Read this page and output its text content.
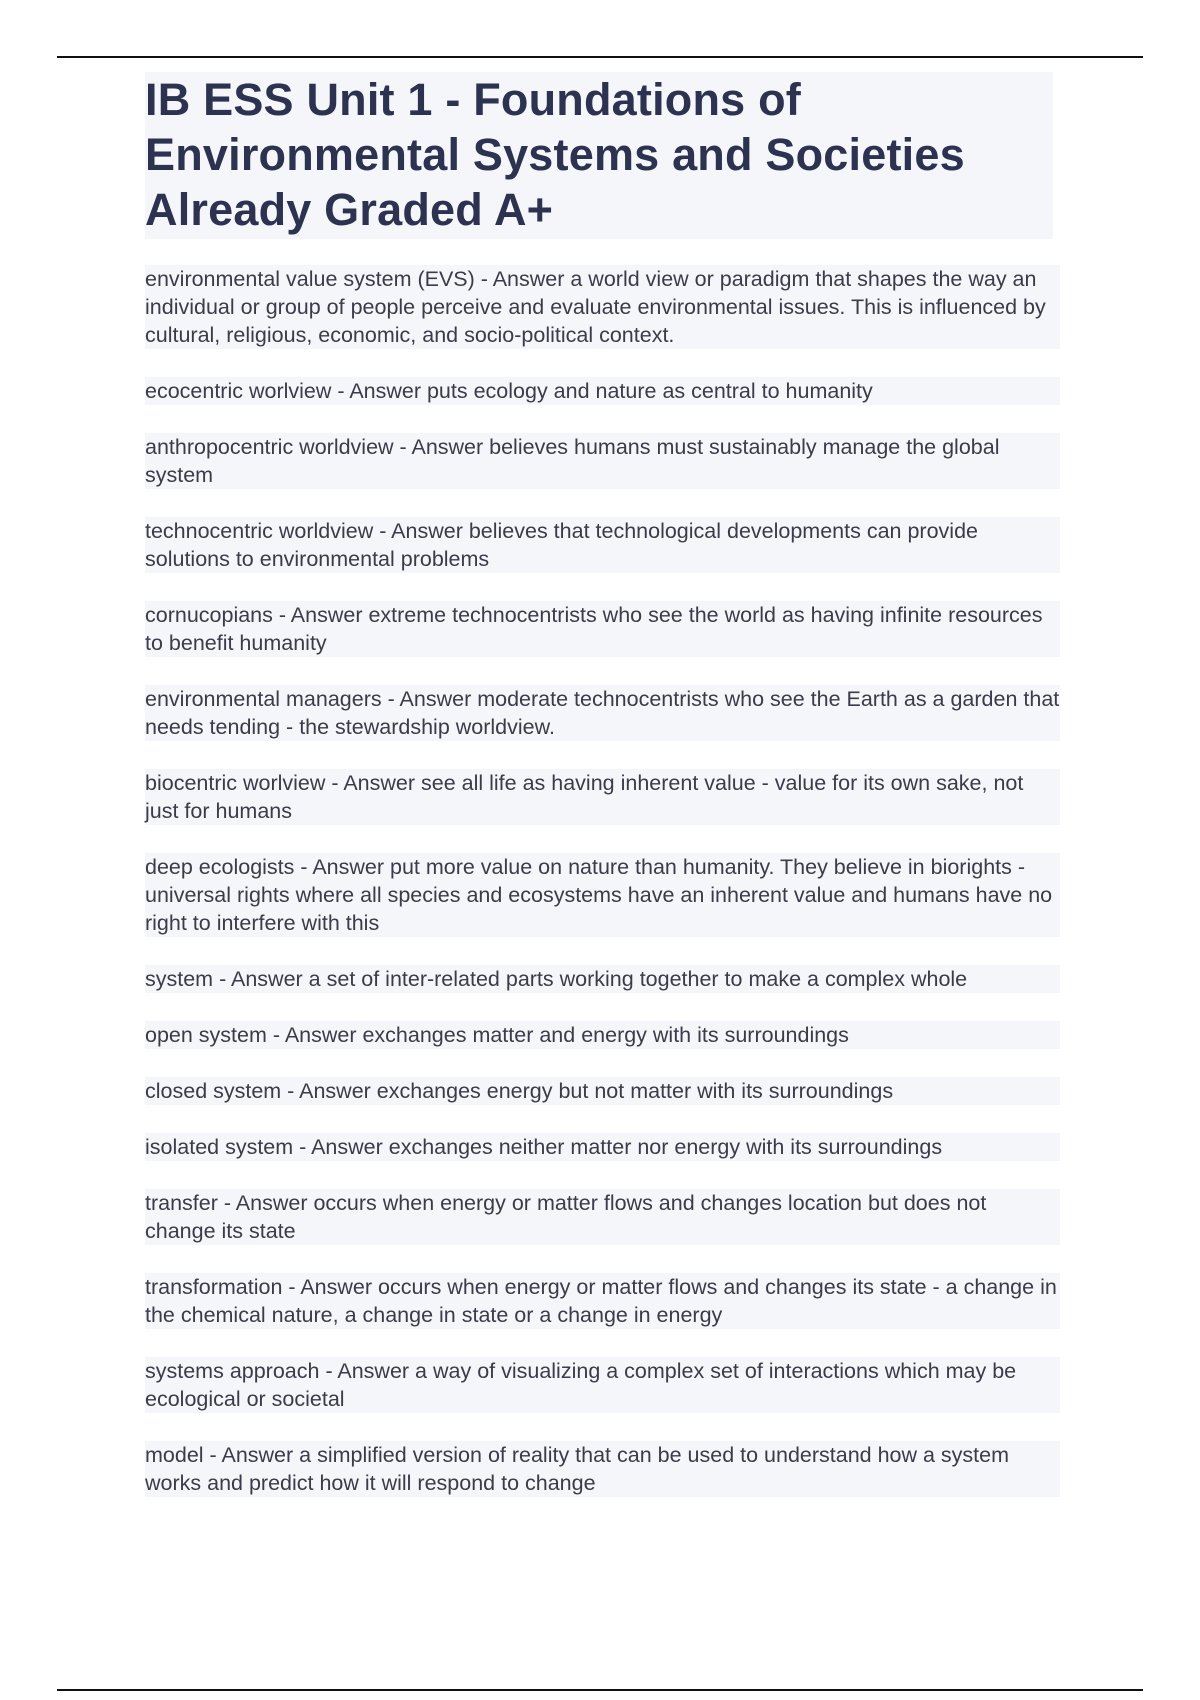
IB ESS Unit 1 - Foundations of Environmental Systems and Societies Already Graded A+

environmental value system (EVS) - Answer a world view or paradigm that shapes the way an individual or group of people perceive and evaluate environmental issues. This is influenced by cultural, religious, economic, and socio-political context.

ecocentric worlview - Answer puts ecology and nature as central to humanity

anthropocentric worldview - Answer believes humans must sustainably manage the global system

technocentric worldview - Answer believes that technological developments can provide solutions to environmental problems

cornucopians - Answer extreme technocentrists who see the world as having infinite resources to benefit humanity

environmental managers - Answer moderate technocentrists who see the Earth as a garden that needs tending - the stewardship worldview.

biocentric worlview - Answer see all life as having inherent value - value for its own sake, not just for humans

deep ecologists - Answer put more value on nature than humanity. They believe in biorights - universal rights where all species and ecosystems have an inherent value and humans have no right to interfere with this

system - Answer a set of inter-related parts working together to make a complex whole

open system - Answer exchanges matter and energy with its surroundings

closed system - Answer exchanges energy but not matter with its surroundings

isolated system - Answer exchanges neither matter nor energy with its surroundings

transfer - Answer occurs when energy or matter flows and changes location but does not change its state

transformation - Answer occurs when energy or matter flows and changes its state - a change in the chemical nature, a change in state or a change in energy

systems approach - Answer a way of visualizing a complex set of interactions which may be ecological or societal

model - Answer a simplified version of reality that can be used to understand how a system works and predict how it will respond to change
